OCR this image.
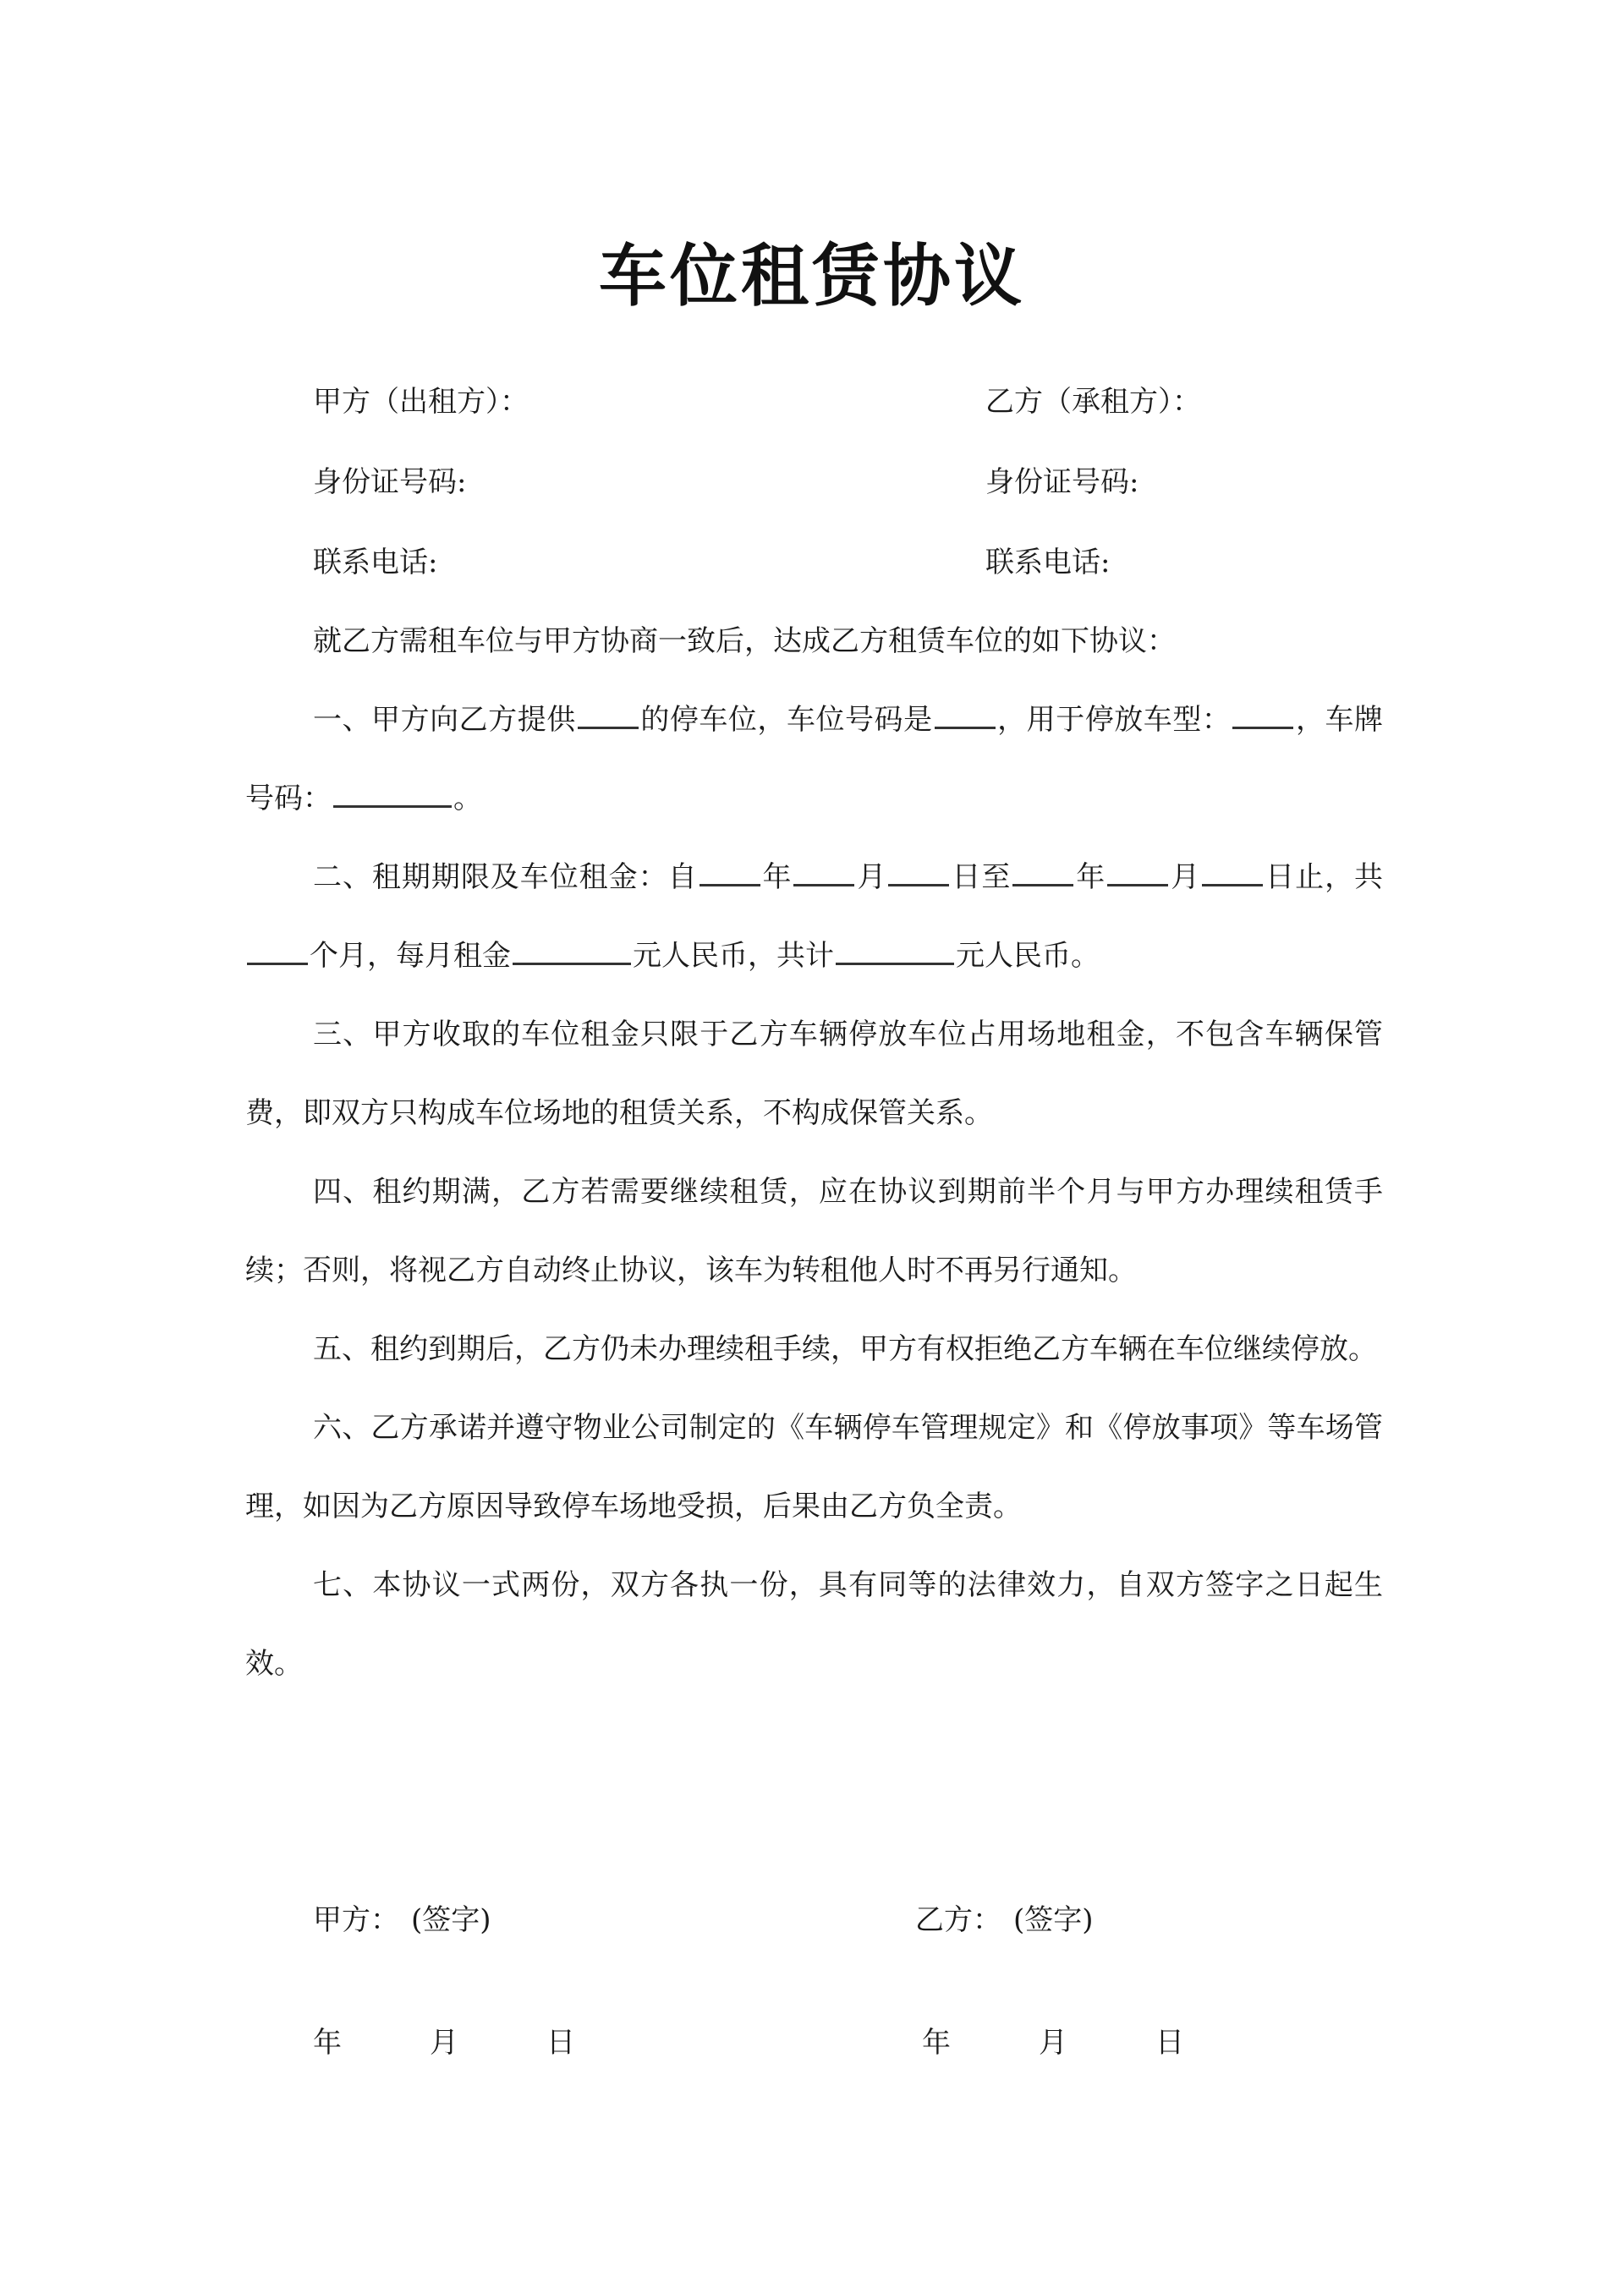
车位租赁协议
甲方（出租方）：	乙方（承租方）：
身份证号码:	身份证号码:
联系电话:	联系电话:

就乙方需租车位与甲方协商一致后，达成乙方租赁车位的如下协议：

一、甲方向乙方提供 的停车位，车位号码是 ，用于停放车型： ，车牌号码：	。

二、租期期限及车位租金：自 年 月 日至 年 月 日止，共个月，每月租金	元人民币，共计	元人民币。

三、甲方收取的车位租金只限于乙方车辆停放车位占用场地租金，不包含车辆保管费，即双方只构成车位场地的租赁关系，不构成保管关系。

四、租约期满，乙方若需要继续租赁，应在协议到期前半个月与甲方办理续租赁手续；否则，将视乙方自动终止协议，该车为转租他人时不再另行通知。

五、租约到期后，乙方仍未办理续租手续，甲方有权拒绝乙方车辆在车位继续停放。

六、乙方承诺并遵守物业公司制定的《车辆停车管理规定》和《停放事项》等车场管理，如因为乙方原因导致停车场地受损，后果由乙方负全责。

七、本协议一式两份，双方各执一份，具有同等的法律效力，自双方签字之日起生效。

甲方： (签字)	乙方： (签字)
年	月	日	年	月	日
